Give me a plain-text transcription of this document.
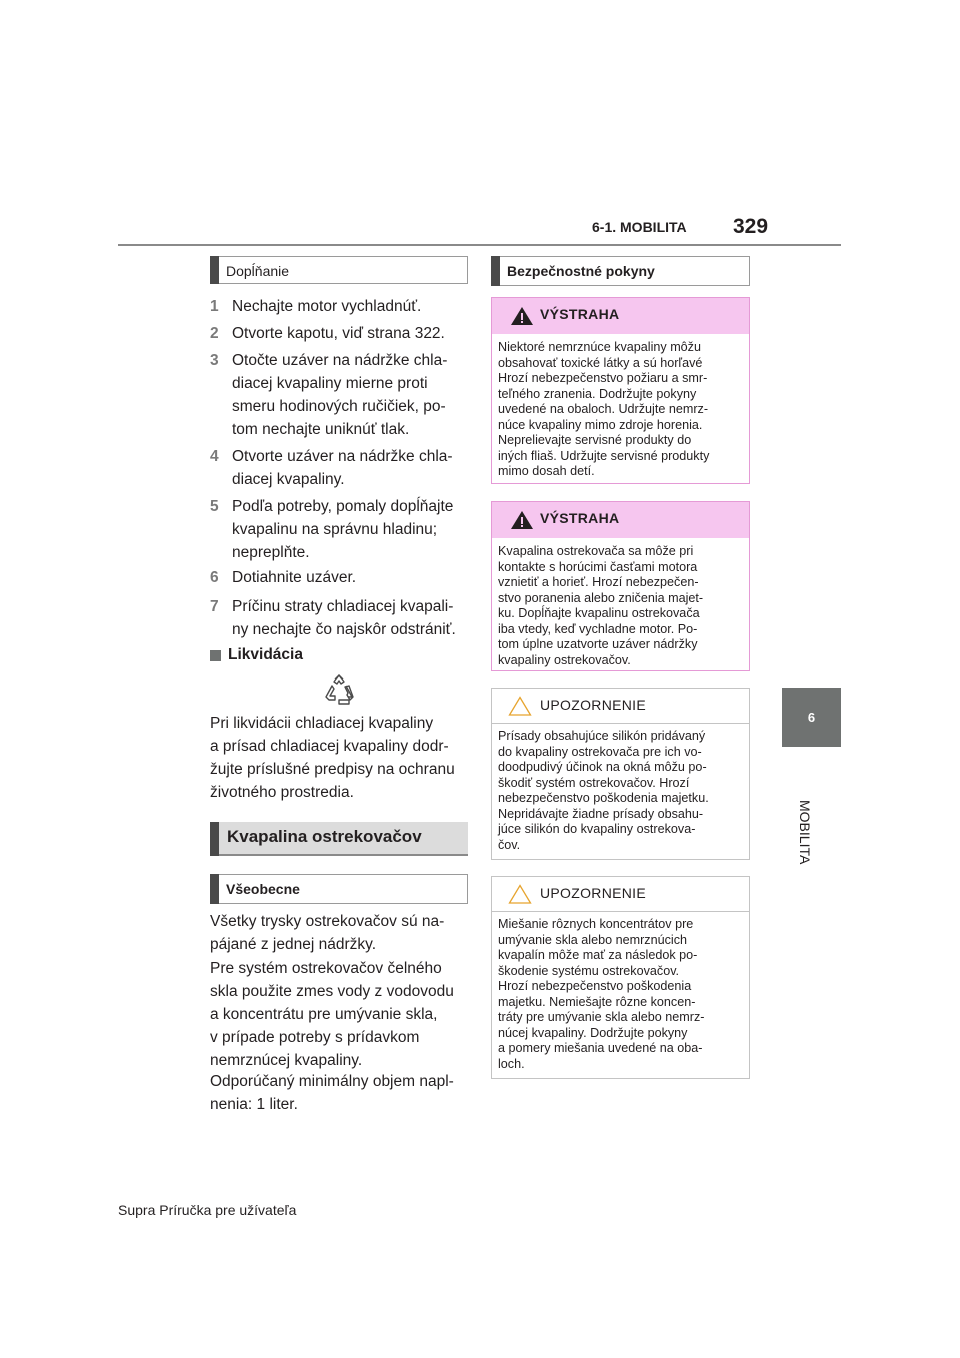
6-1. MOBILITA 329
6
MOBILITA
Dopĺňanie
1 Nechajte motor vychladnúť.
2 Otvorte kapotu, viď strana 322.
3 Otočte uzáver na nádržke chla-
diacej kvapaliny mierne proti
smeru hodinových ručičiek, po-
tom nechajte uniknúť tlak.
4 Otvorte uzáver na nádržke chla-
diacej kvapaliny.
5 Podľa potreby, pomaly dopĺňajte
kvapalinu na správnu hladinu;
nepreplňte.
6 Dotiahnite uzáver.
7 Príčinu straty chladiacej kvapali-
ny nechajte čo najskôr odstrániť.
Likvidácia
Pri likvidácii chladiacej kvapaliny
a prísad chladiacej kvapaliny dodr-
žujte príslušné predpisy na ochranu
životného prostredia.
Kvapalina ostrekovačov
Všeobecne
Všetky trysky ostrekovačov sú na-
pájané z jednej nádržky.
Pre systém ostrekovačov čelného
skla použite zmes vody z vodovodu
a koncentrátu pre umývanie skla,
v prípade potreby s prídavkom
nemrznúcej kvapaliny.
Odporúčaný minimálny objem napl-
nenia: 1 liter.
Bezpečnostné pokyny
VÝSTRAHA
Niektoré nemrznúce kvapaliny môžu
obsahovať toxické látky a sú horľavé
Hrozí nebezpečenstvo požiaru a smr-
teľného zranenia. Dodržujte pokyny
uvedené na obaloch. Udržujte nemrz-
núce kvapaliny mimo zdroje horenia.
Neprelievajte servisné produkty do
iných fliaš. Udržujte servisné produkty
mimo dosah detí.
VÝSTRAHA
Kvapalina ostrekovača sa môže pri
kontakte s horúcimi časťami motora
vznietiť a horieť. Hrozí nebezpečen-
stvo poranenia alebo zničenia majet-
ku. Dopĺňajte kvapalinu ostrekovača
iba vtedy, keď vychladne motor. Po-
tom úplne uzatvorte uzáver nádržky
kvapaliny ostrekovačov.
UPOZORNENIE
Prísady obsahujúce silikón pridávaný
do kvapaliny ostrekovača pre ich vo-
doodpudivý účinok na okná môžu po-
škodiť systém ostrekovačov. Hrozí
nebezpečenstvo poškodenia majetku.
Nepridávajte žiadne prísady obsahu-
júce silikón do kvapaliny ostrekova-
čov.
UPOZORNENIE
Miešanie rôznych koncentrátov pre
umývanie skla alebo nemrznúcich
kvapalín môže mať za následok po-
škodenie systému ostrekovačov.
Hrozí nebezpečenstvo poškodenia
majetku. Nemiešajte rôzne koncen-
tráty pre umývanie skla alebo nemrz-
núcej kvapaliny. Dodržujte pokyny
a pomery miešania uvedené na oba-
loch.
Supra Príručka pre užívateľa
